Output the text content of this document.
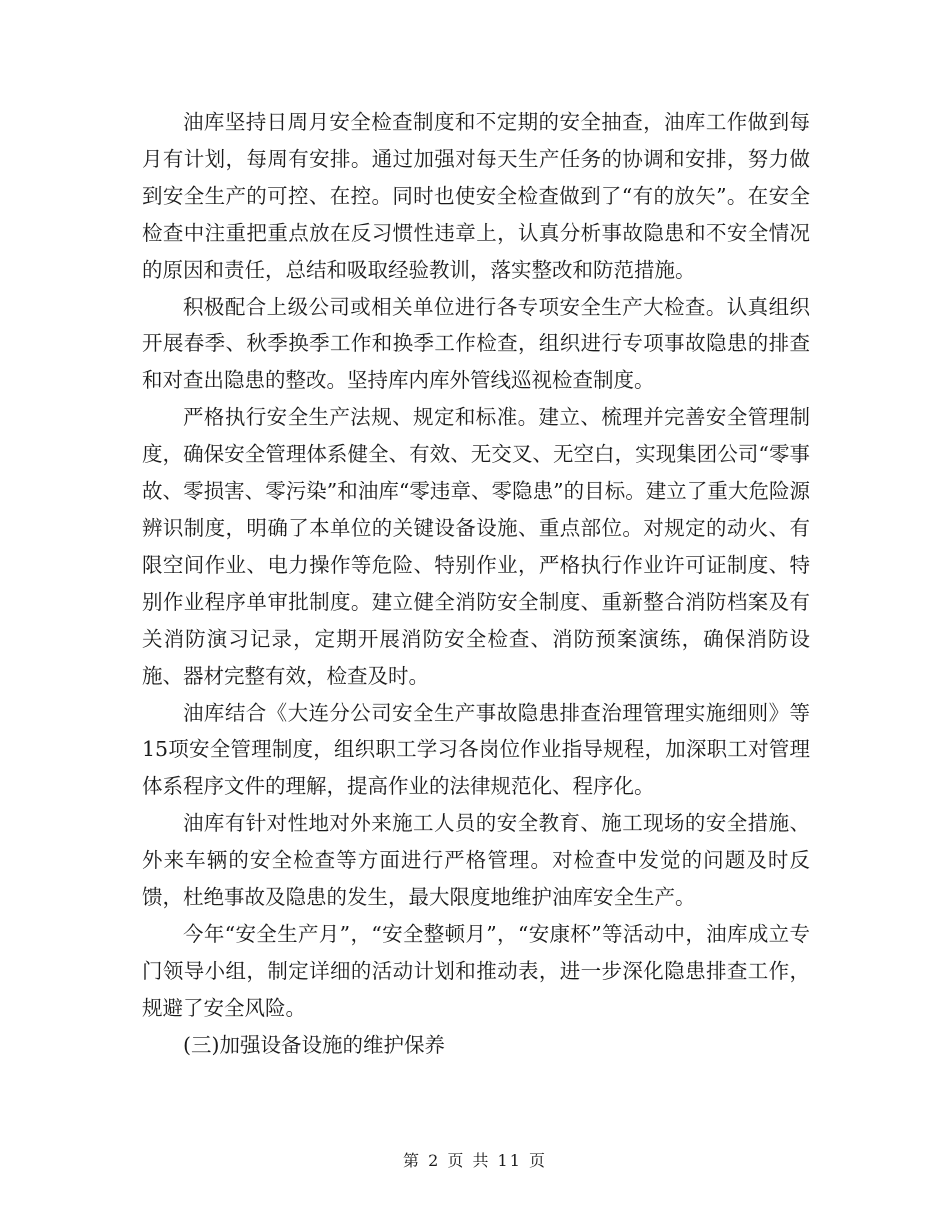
油库坚持日周月安全检查制度和不定期的安全抽查，油库工作做到每月有计划，每周有安排。通过加强对每天生产任务的协调和安排，努力做到安全生产的可控、在控。同时也使安全检查做到了“有的放矢”。在安全检查中注重把重点放在反习惯性违章上，认真分析事故隐患和不安全情况的原因和责任，总结和吸取经验教训，落实整改和防范措施。

积极配合上级公司或相关单位进行各专项安全生产大检查。认真组织开展春季、秋季换季工作和换季工作检查，组织进行专项事故隐患的排查和对查出隐患的整改。坚持库内库外管线巡视检查制度。

严格执行安全生产法规、规定和标准。建立、梳理并完善安全管理制度，确保安全管理体系健全、有效、无交叉、无空白，实现集团公司“零事故、零损害、零污染”和油库“零违章、零隐患”的目标。建立了重大危险源辨识制度，明确了本单位的关键设备设施、重点部位。对规定的动火、有限空间作业、电力操作等危险、特别作业，严格执行作业许可证制度、特别作业程序单审批制度。建立健全消防安全制度、重新整合消防档案及有关消防演习记录，定期开展消防安全检查、消防预案演练，确保消防设施、器材完整有效，检查及时。

油库结合《大连分公司安全生产事故隐患排查治理管理实施细则》等15项安全管理制度，组织职工学习各岗位作业指导规程，加深职工对管理体系程序文件的理解，提高作业的法律规范化、程序化。

油库有针对性地对外来施工人员的安全教育、施工现场的安全措施、外来车辆的安全检查等方面进行严格管理。对检查中发觉的问题及时反馈，杜绝事故及隐患的发生，最大限度地维护油库安全生产。

今年“安全生产月”，“安全整顿月”，“安康杯”等活动中，油库成立专门领导小组，制定详细的活动计划和推动表，进一步深化隐患排查工作，规避了安全风险。

(三)加强设备设施的维护保养

第 2 页 共 11 页
